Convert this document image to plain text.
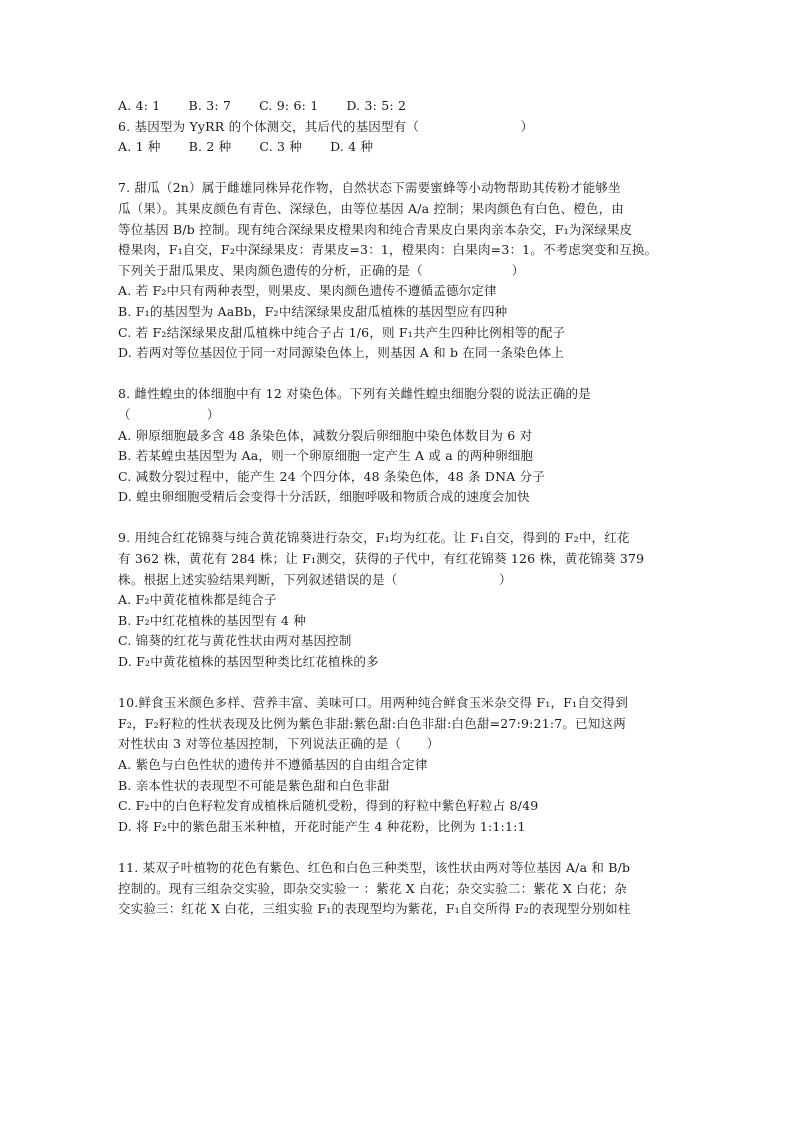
A. 4: 1 B. 3: 7 C. 9: 6: 1 D. 3: 5: 2
6. 基因型为 YyRR 的个体测交，其后代的基因型有（　　　　　　　　）
A. 1 种 B. 2 种 C. 3 种 D. 4 种
7. 甜瓜（2n）属于雌雄同株异花作物，自然状态下需要蜜蜂等小动物帮助其传粉才能够坐
瓜（果）。其果皮颜色有青色、深绿色，由等位基因 A/a 控制；果肉颜色有白色、橙色，由
等位基因 B/b 控制。现有纯合深绿果皮橙果肉和纯合青果皮白果肉亲本杂交，F₁为深绿果皮
橙果肉，F₁自交，F₂中深绿果皮：青果皮=3：1，橙果肉：白果肉=3：1。不考虑突变和互换。
下列关于甜瓜果皮、果肉颜色遗传的分析，正确的是（　　　　　　　）
A. 若 F₂中只有两种表型，则果皮、果肉颜色遗传不遵循孟德尔定律
B. F₁的基因型为 AaBb，F₂中结深绿果皮甜瓜植株的基因型应有四种
C. 若 F₂结深绿果皮甜瓜植株中纯合子占 1/6，则 F₁共产生四种比例相等的配子
D. 若两对等位基因位于同一对同源染色体上，则基因 A 和 b 在同一条染色体上
8. 雌性蝗虫的体细胞中有 12 对染色体。下列有关雌性蝗虫细胞分裂的说法正确的是
（　　　　　　）
A. 卵原细胞最多含 48 条染色体，减数分裂后卵细胞中染色体数目为 6 对
B. 若某蝗虫基因型为 Aa，则一个卵原细胞一定产生 A 或 a 的两种卵细胞
C. 减数分裂过程中，能产生 24 个四分体，48 条染色体，48 条 DNA 分子
D. 蝗虫卵细胞受精后会变得十分活跃，细胞呼吸和物质合成的速度会加快
9. 用纯合红花锦葵与纯合黄花锦葵进行杂交，F₁均为红花。让 F₁自交，得到的 F₂中，红花
有 362 株，黄花有 284 株；让 F₁测交，获得的子代中，有红花锦葵 126 株，黄花锦葵 379
株。根据上述实验结果判断，下列叙述错误的是（　　　　　　　　）
A. F₂中黄花植株都是纯合子
B. F₂中红花植株的基因型有 4 种
C. 锦葵的红花与黄花性状由两对基因控制
D. F₂中黄花植株的基因型种类比红花植株的多
10.鲜食玉米颜色多样、营养丰富、美味可口。用两种纯合鲜食玉米杂交得 F₁，F₁自交得到
F₂，F₂籽粒的性状表现及比例为紫色非甜:紫色甜:白色非甜:白色甜=27:9:21:7。已知这两
对性状由 3 对等位基因控制，下列说法正确的是（　　）
A. 紫色与白色性状的遗传并不遵循基因的自由组合定律
B. 亲本性状的表现型不可能是紫色甜和白色非甜
C. F₂中的白色籽粒发育成植株后随机受粉，得到的籽粒中紫色籽粒占 8/49
D. 将 F₂中的紫色甜玉米种植，开花时能产生 4 种花粉，比例为 1:1:1:1
11. 某双子叶植物的花色有紫色、红色和白色三种类型，该性状由两对等位基因 A/a 和 B/b
控制的。现有三组杂交实验，即杂交实验一 ：紫花 X 白花；杂交实验二：紫花 X 白花；杂
交实验三：红花 X 白花，三组实验 F₁的表现型均为紫花，F₁自交所得 F₂的表现型分别如柱
